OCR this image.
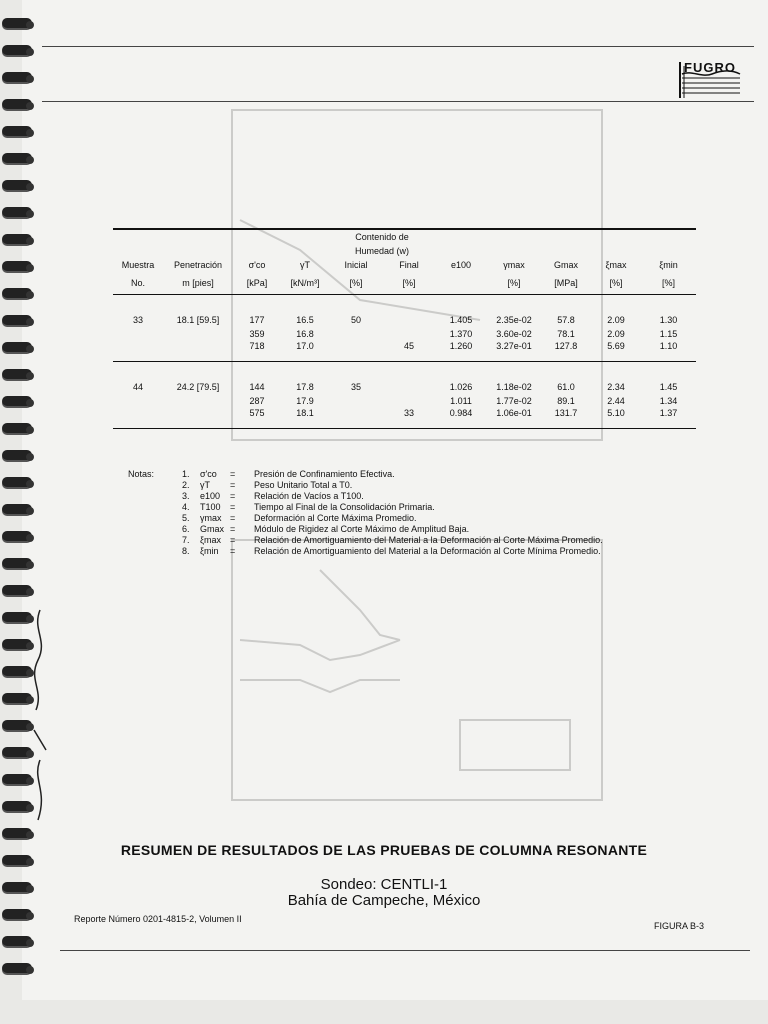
FUGRO
				Contenido de						
				Humedad (w)						
Muestra	Penetración	σ'co	γT	Inicial	Final	e100	γmax	Gmax	ξmax	ξmin
No.	m [pies]	[kPa]	[kN/m³]	[%]	[%]		[%]	[MPa]	[%]	[%]

33	18.1 [59.5]	177	16.5	50		1.405	2.35e-02	57.8	2.09	1.30
		359	16.8			1.370	3.60e-02	78.1	2.09	1.15
		718	17.0		45	1.260	3.27e-01	127.8	5.69	1.10

44	24.2 [79.5]	144	17.8	35		1.026	1.18e-02	61.0	2.34	1.45
		287	17.9			1.011	1.77e-02	89.1	2.44	1.34
		575	18.1		33	0.984	1.06e-01	131.7	5.10	1.37
Notas:	1. σ'co = Presión de Confinamiento Efectiva.
2. γT = Peso Unitario Total a T0.
3. e100 = Relación de Vacíos a T100.
4. T100 = Tiempo al Final de la Consolidación Primaria.
5. γmax = Deformación al Corte Máxima Promedio.
6. Gmax = Módulo de Rigidez al Corte Máximo de Amplitud Baja.
7. ξmax = Relación de Amortiguamiento del Material a la Deformación al Corte Máxima Promedio.
8. ξmin = Relación de Amortiguamiento del Material a la Deformación al Corte Mínima Promedio.
RESUMEN DE RESULTADOS DE LAS PRUEBAS DE COLUMNA RESONANTE
Sondeo: CENTLI-1
Bahía de Campeche, México
Reporte Número 0201-4815-2, Volumen II
FIGURA B-3
